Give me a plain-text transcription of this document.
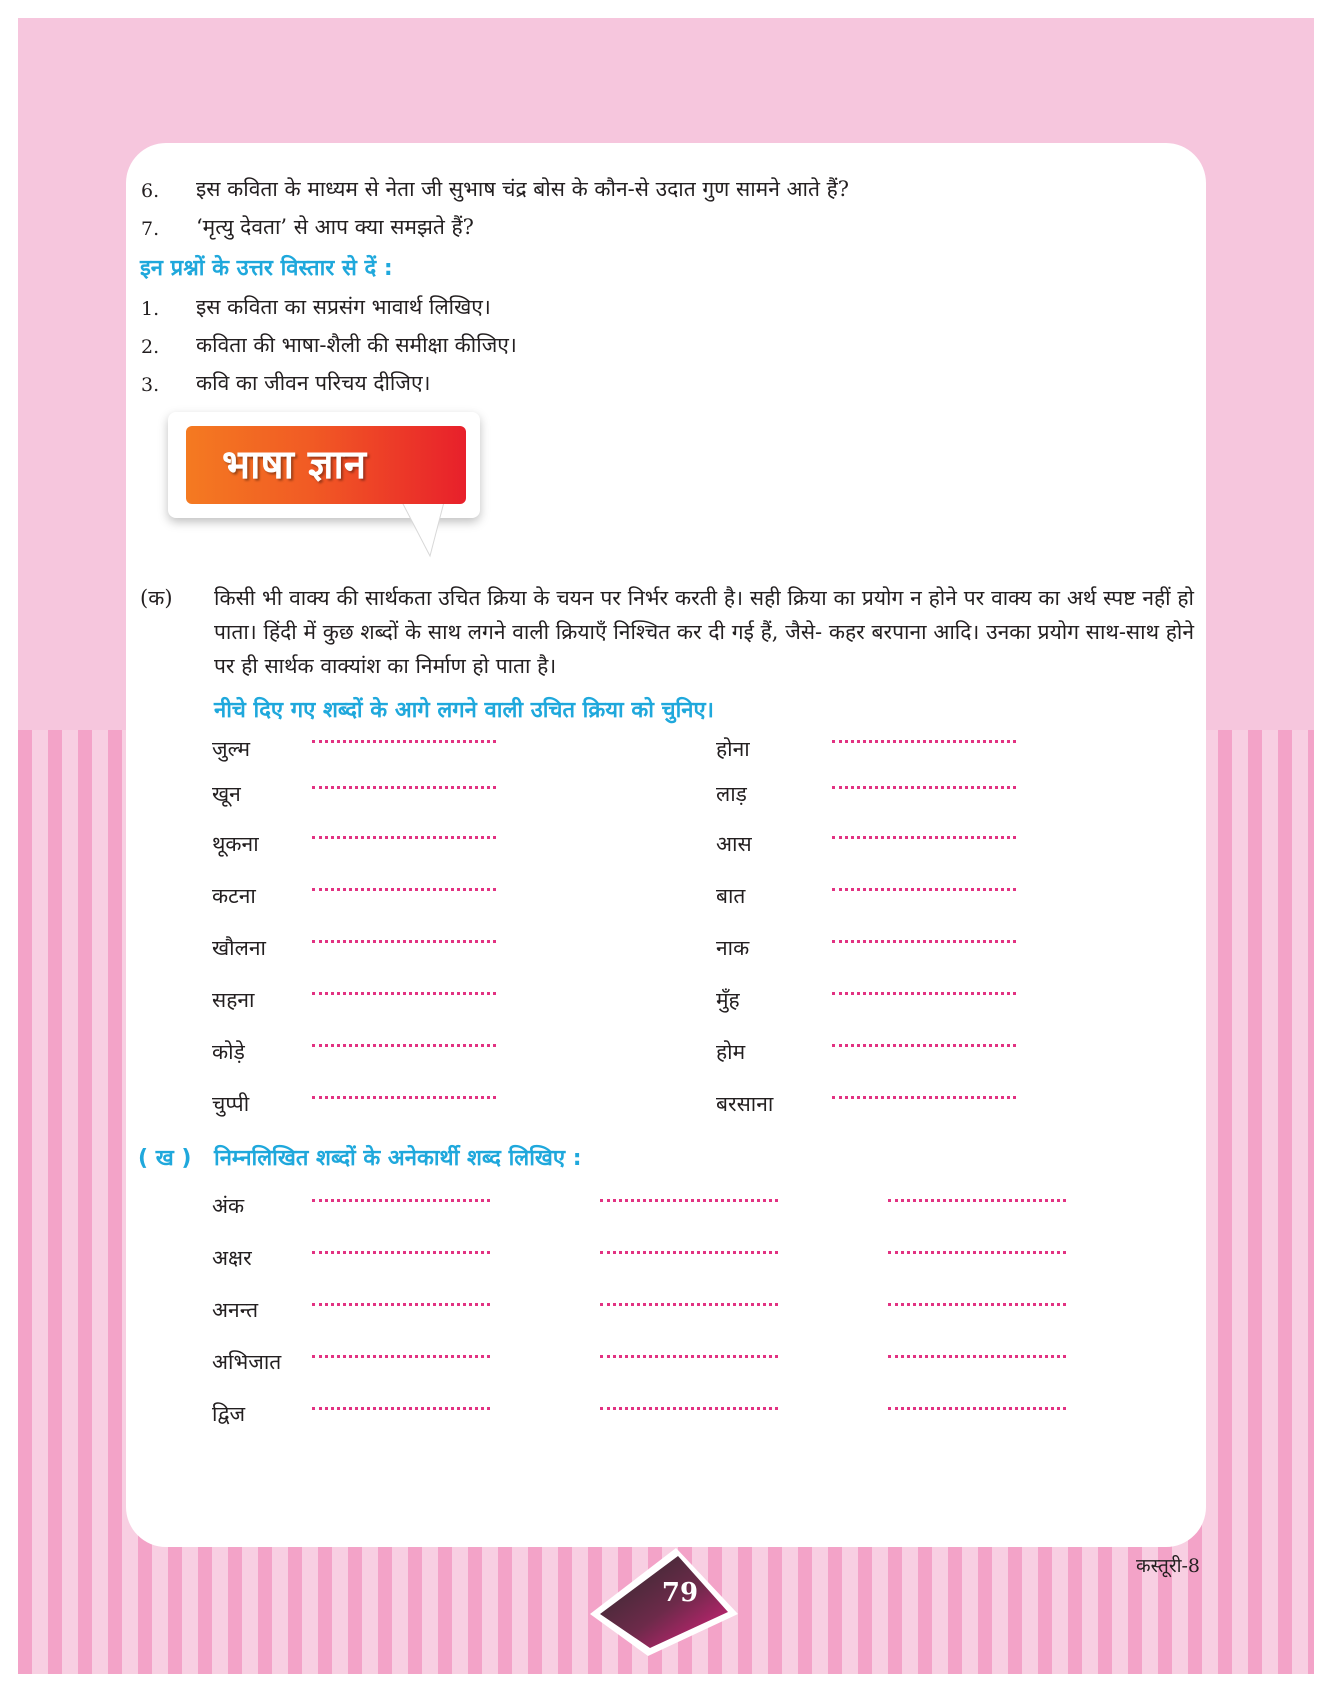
6. इस कविता के माध्यम से नेता जी सुभाष चंद्र बोस के कौन-से उदात गुण सामने आते हैं?
7. ‘मृत्यु देवता’ से आप क्या समझते हैं?
इन प्रश्नों के उत्तर विस्तार से दें :
1. इस कविता का सप्रसंग भावार्थ लिखिए।
2. कविता की भाषा-शैली की समीक्षा कीजिए।
3. कवि का जीवन परिचय दीजिए।
भाषा ज्ञान
(क) किसी भी वाक्य की सार्थकता उचित क्रिया के चयन पर निर्भर करती है। सही क्रिया का प्रयोग न होने पर वाक्य का अर्थ स्पष्ट नहीं हो पाता। हिंदी में कुछ शब्दों के साथ लगने वाली क्रियाएँ निश्चित कर दी गई हैं, जैसे- कहर बरपाना आदि। उनका प्रयोग साथ-साथ होने पर ही सार्थक वाक्यांश का निर्माण हो पाता है।
नीचे दिए गए शब्दों के आगे लगने वाली उचित क्रिया को चुनिए।
जुल्म
खून
थूकना
कटना
खौलना
सहना
कोड़े
चुप्पी
होना
लाड़
आस
बात
नाक
मुँह
होम
बरसाना
( ख ) निम्नलिखित शब्दों के अनेकार्थी शब्द लिखिए :
अंक
अक्षर
अनन्त
अभिजात
द्विज
79
कस्तूरी-8
